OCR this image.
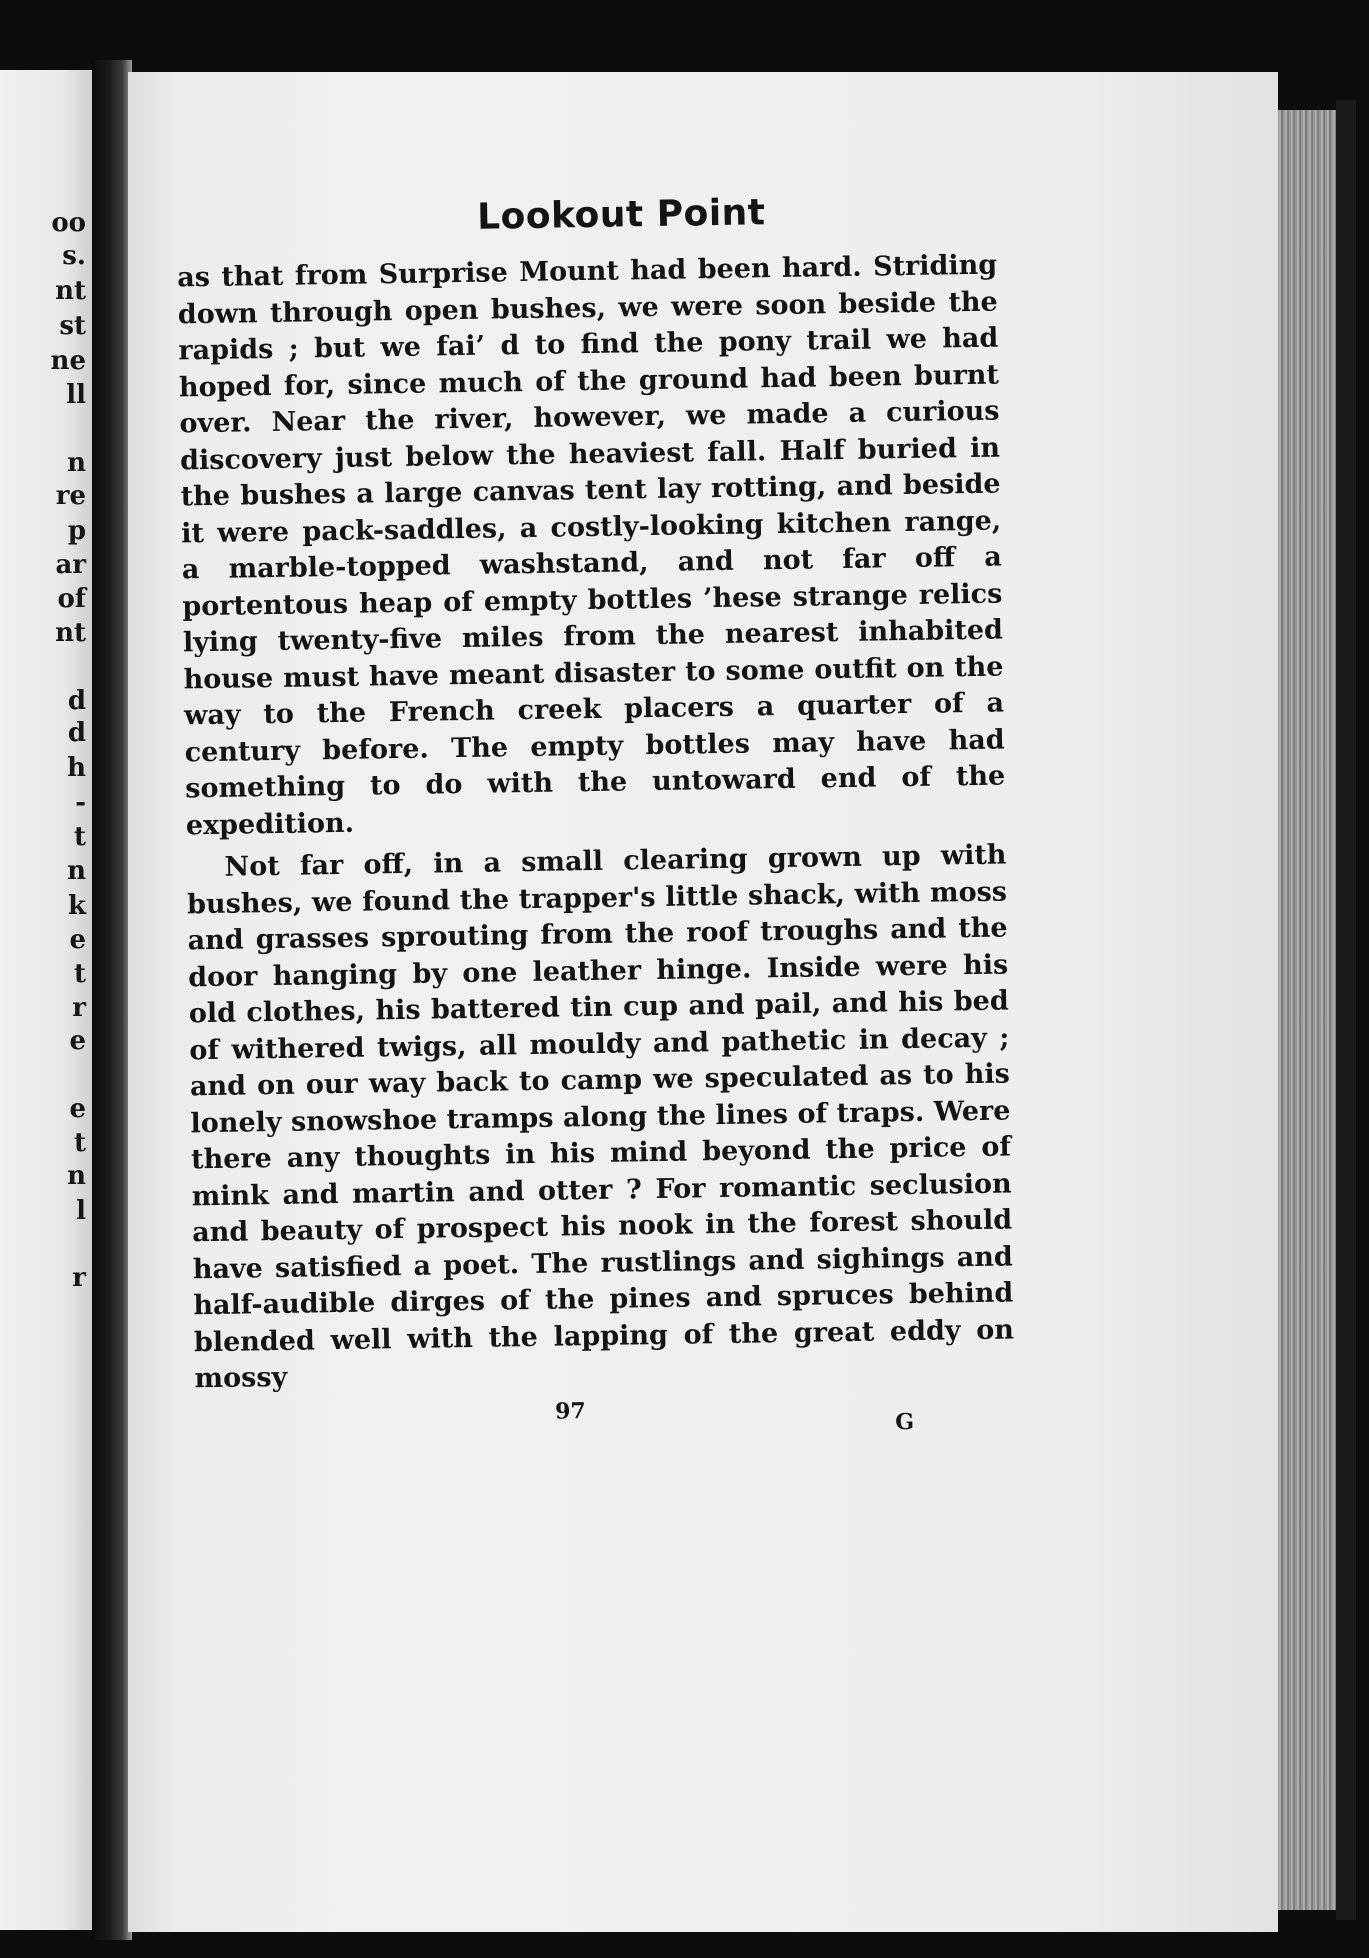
oo
s.
nt
st
ne
ll
n
re
p
ar
of
nt
d
d
h
-
t
n
k
e
t
r
e
e
t
n
l
r
Lookout Point

as that from Surprise Mount had been hard. Striding down through open bushes, we were soon beside the rapids ; but we fai’ d to find the pony trail we had hoped for, since much of the ground had been burnt over. Near the river, however, we made a curious discovery just below the heaviest fall. Half buried in the bushes a large canvas tent lay rotting, and beside it were pack-saddles, a costly-looking kitchen range, a marble-topped washstand, and not far off a portentous heap of empty bottles ’hese strange relics lying twenty-five miles from the nearest inhabited house must have meant disaster to some outfit on the way to the French creek placers a quarter of a century before. The empty bottles may have had something to do with the untoward end of the expedition.

Not far off, in a small clearing grown up with bushes, we found the trapper's little shack, with moss and grasses sprouting from the roof troughs and the door hanging by one leather hinge. Inside were his old clothes, his battered tin cup and pail, and his bed of withered twigs, all mouldy and pathetic in decay ; and on our way back to camp we speculated as to his lonely snowshoe tramps along the lines of traps. Were there any thoughts in his mind beyond the price of mink and martin and otter ? For romantic seclusion and beauty of prospect his nook in the forest should have satisfied a poet. The rustlings and sighings and half-audible dirges of the pines and spruces behind blended well with the lapping of the great eddy on mossy

97	G
